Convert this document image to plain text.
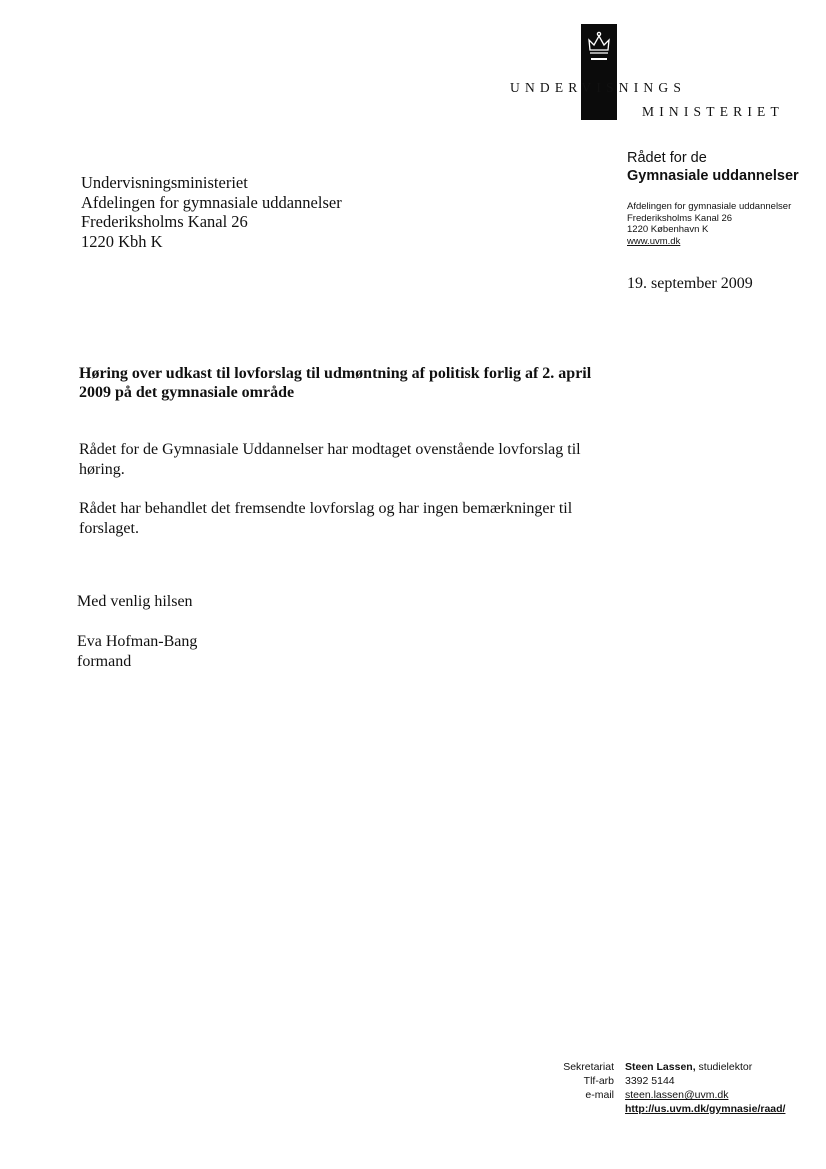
UNDERVISNINGS
MINISTERIET
Undervisningsministeriet
Afdelingen for gymnasiale uddannelser
Frederiksholms Kanal 26
1220 Kbh K
Rådet for de
Gymnasiale uddannelser
Afdelingen for gymnasiale uddannelser
Frederiksholms Kanal 26
1220 København K
www.uvm.dk
19. september 2009
Høring over udkast til lovforslag til udmøntning af politisk forlig af 2. april 2009 på det gymnasiale område
Rådet for de Gymnasiale Uddannelser har modtaget ovenstående lovforslag til høring.
Rådet har behandlet det fremsendte lovforslag og har ingen bemærkninger til forslaget.
Med venlig hilsen
Eva Hofman-Bang
formand
Sekretariat
Tlf-arb
e-mail
Steen Lassen, studielektor
3392 5144
steen.lassen@uvm.dk
http://us.uvm.dk/gymnasie/raad/
